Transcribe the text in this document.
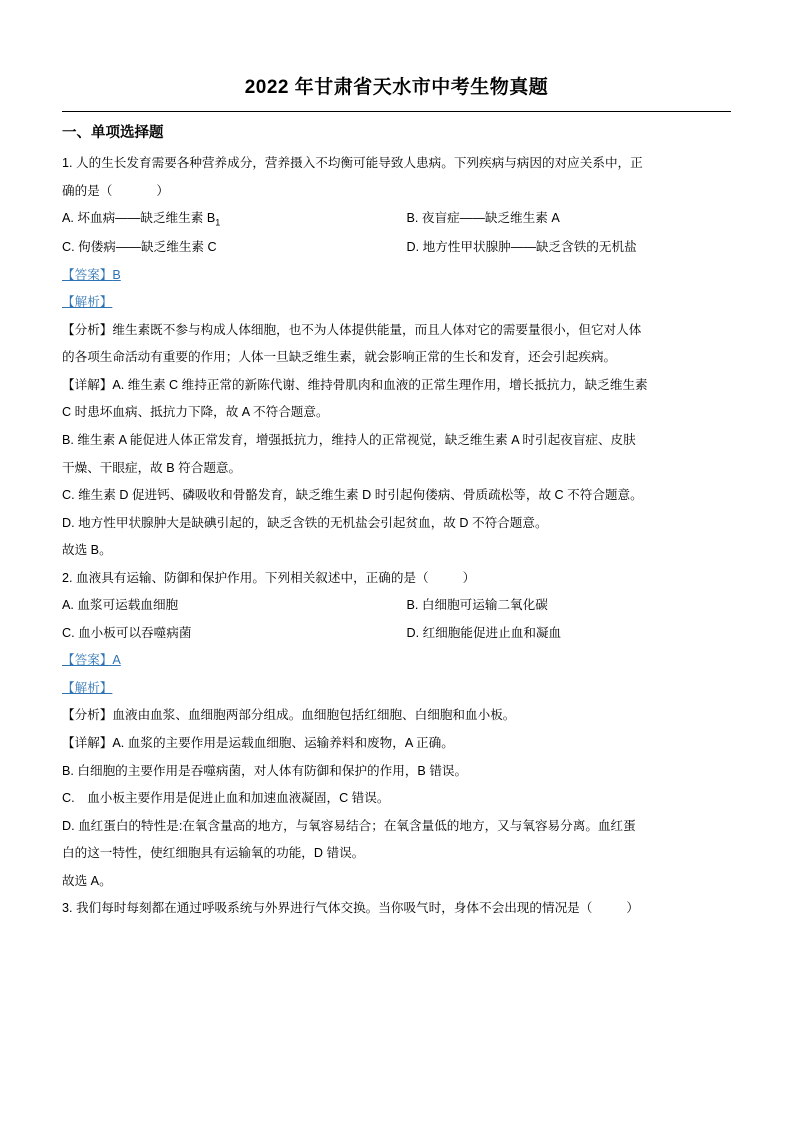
2022 年甘肃省天水市中考生物真题
一、单项选择题
1. 人的生长发育需要各种营养成分，营养摄入不均衡可能导致人患病。下列疾病与病因的对应关系中，正
确的是（	）
A. 坏血病——缺乏维生素 $B_1$	B. 夜盲症——缺乏维生素 A
C. 佝偻病——缺乏维生素 C	D. 地方性甲状腺肿——缺乏含铁的无机盐
【答案】B
【解析】
【分析】维生素既不参与构成人体细胞，也不为人体提供能量，而且人体对它的需要量很小，但它对人体
的各项生命活动有重要的作用；人体一旦缺乏维生素，就会影响正常的生长和发育，还会引起疾病。
【详解】A. 维生素 C 维持正常的新陈代谢、维持骨肌肉和血液的正常生理作用，增长抵抗力，缺乏维生素
C 时患坏血病、抵抗力下降，故 A 不符合题意。
B. 维生素 A 能促进人体正常发育，增强抵抗力，维持人的正常视觉，缺乏维生素 A 时引起夜盲症、皮肤
干燥、干眼症，故 B 符合题意。
C. 维生素 D 促进钙、磷吸收和骨骼发育，缺乏维生素 D 时引起佝偻病、骨质疏松等，故 C 不符合题意。
D. 地方性甲状腺肿大是缺碘引起的，缺乏含铁的无机盐会引起贫血，故 D 不符合题意。
故选 B。
2. 血液具有运输、防御和保护作用。下列相关叙述中，正确的是（	）
A. 血浆可运载血细胞	B. 白细胞可运输二氧化碳
C. 血小板可以吞噬病菌	D. 红细胞能促进止血和凝血
【答案】A
【解析】
【分析】血液由血浆、血细胞两部分组成。血细胞包括红细胞、白细胞和血小板。
【详解】A. 血浆的主要作用是运载血细胞、运输养料和废物，A 正确。
B. 白细胞的主要作用是吞噬病菌，对人体有防御和保护的作用，B 错误。
C.　血小板主要作用是促进止血和加速血液凝固，C 错误。
D. 血红蛋白的特性是:在氧含量高的地方，与氧容易结合；在氧含量低的地方，又与氧容易分离。血红蛋
白的这一特性，使红细胞具有运输氧的功能，D 错误。
故选 A。
3. 我们每时每刻都在通过呼吸系统与外界进行气体交换。当你吸气时，身体不会出现的情况是（	）
